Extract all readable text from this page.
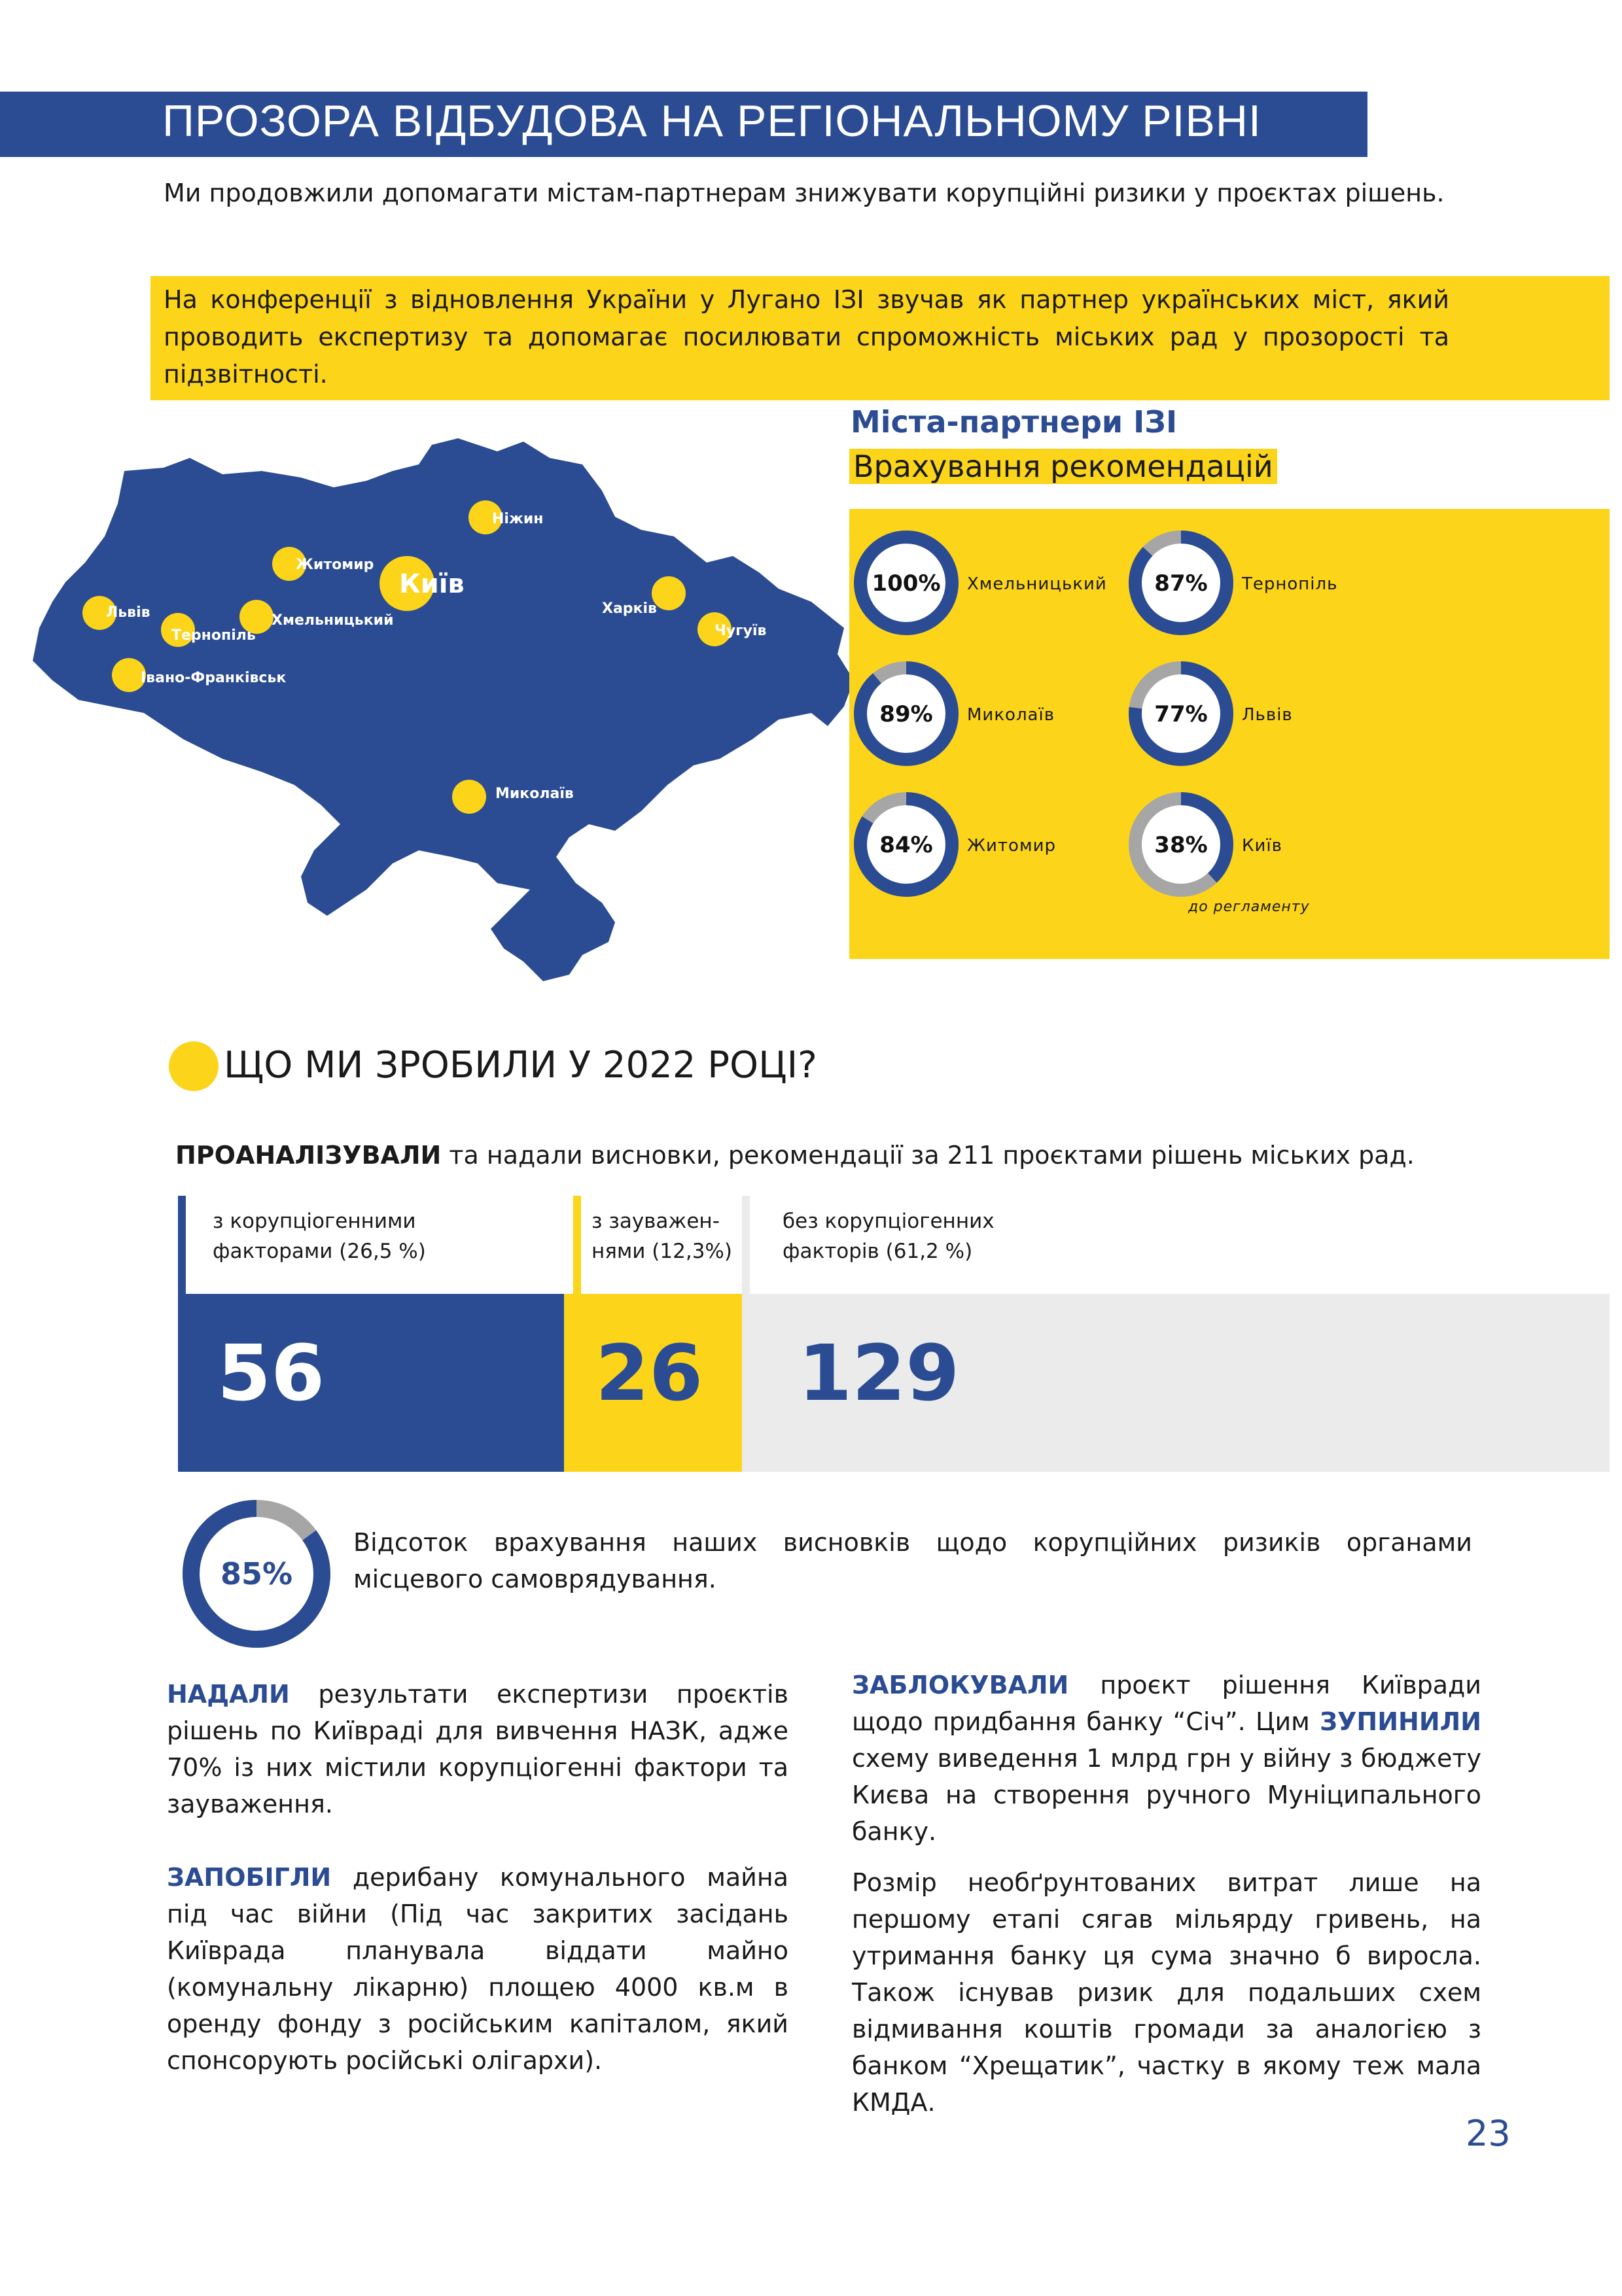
ПРОЗОРА ВІДБУДОВА НА РЕГІОНАЛЬНОМУ РІВНІ
Ми продовжили допомагати містам-партнерам знижувати корупційні ризики у проєктах рішень.
На конференції з відновлення України у Лугано ІЗІ звучав як партнер українських міст, який проводить експертизу та допомагає посилювати спроможність міських рад у прозорості та підзвітності.
Ніжин
Житомир
Київ
Харків
Чугуїв
Львів	Хмельницький
Тернопіль
Івано-Франківськ
Миколаїв
Міста-партнери ІЗІ
Врахування рекомендацій
100% Хмельницький 87% Тернопіль
89% Миколаїв	77% Львів
84% Житомир	38% Київ
до регламенту
ЩО МИ ЗРОБИЛИ У 2022 РОЦІ?
ПРОАНАЛІЗУВАЛИ та надали висновки, рекомендації за 211 проєктами рішень міських рад.
з корупціогенними
факторами (26,5 %)
56
з зауважен-
нями (12,3%)
26
без корупціогенних
факторів (61,2 %)
129
85%
Відсоток врахування наших висновків щодо корупційних ризиків органами місцевого самоврядування.

НАДАЛИ результати експертизи проєктів рішень по Київраді для вивчення НАЗК, адже 70% із них містили корупціогенні фактори та зауваження.

ЗАПОБІГЛИ дерибану комунального майна під час війни (Під час закритих засідань Київрада планувала віддати майно (комунальну лікарню) площею 4000 кв.м в оренду фонду з російським капіталом, який спонсорують російські олігархи).

ЗАБЛОКУВАЛИ проєкт рішення Київради щодо придбання банку “Січ”. Цим ЗУПИНИЛИ схему виведення 1 млрд грн у війну з бюджету Києва на створення ручного Муніципального банку.

Розмір необґрунтованих витрат лише на першому етапі сягав мільярду гривень, на утримання банку ця сума значно б виросла. Також існував ризик для подальших схем відмивання коштів громади за аналогією з банком “Хрещатик”, частку в якому теж мала КМДА.

23
